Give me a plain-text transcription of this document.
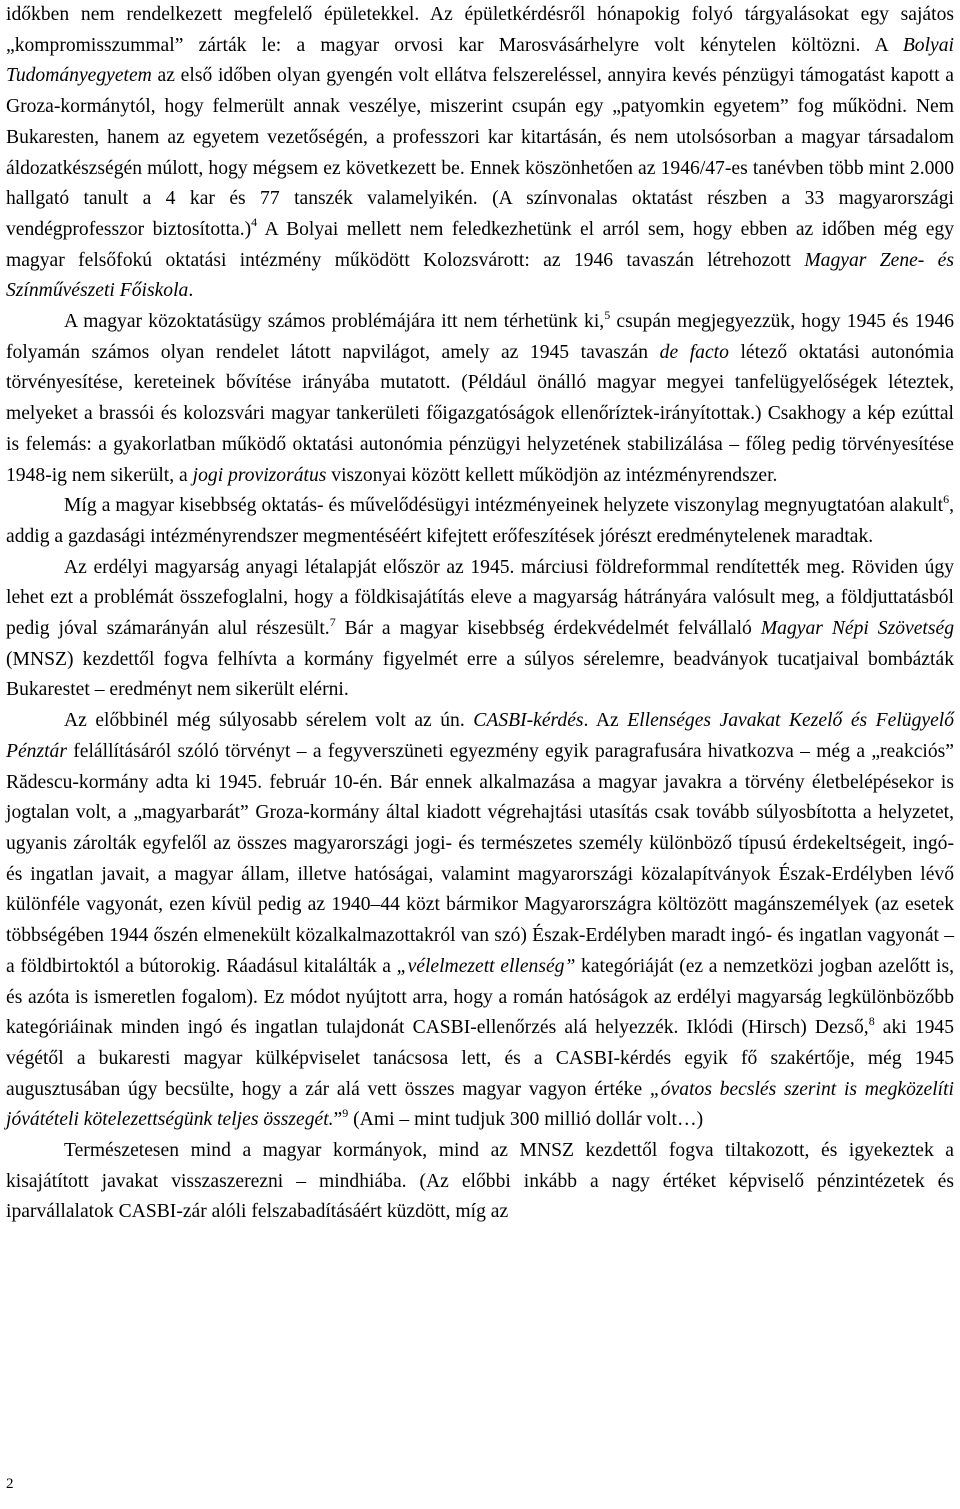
időkben nem rendelkezett megfelelő épületekkel. Az épületkérdésről hónapokig folyó tárgyalásokat egy sajátos „kompromisszummal” zárták le: a magyar orvosi kar Marosvásárhelyre volt kénytelen költözni. A Bolyai Tudományegyetem az első időben olyan gyengén volt ellátva felszereléssel, annyira kevés pénzügyi támogatást kapott a Groza-kormánytól, hogy felmerült annak veszélye, miszerint csupán egy „patyomkin egyetem” fog működni. Nem Bukaresten, hanem az egyetem vezetőségén, a professzori kar kitartásán, és nem utolsósorban a magyar társadalom áldozatkészségén múlott, hogy mégsem ez következett be. Ennek köszönhetően az 1946/47-es tanévben több mint 2.000 hallgató tanult a 4 kar és 77 tanszék valamelyikén. (A színvonalas oktatást részben a 33 magyarországi vendégprofesszor biztosította.)$^4$ A Bolyai mellett nem feledkezhetünk el arról sem, hogy ebben az időben még egy magyar felsőfokú oktatási intézmény működött Kolozsvárott: az 1946 tavaszán létrehozott Magyar Zene- és Színművészeti Főiskola.

A magyar közoktatásügy számos problémájára itt nem térhetünk ki,$^5$ csupán megjegyezzük, hogy 1945 és 1946 folyamán számos olyan rendelet látott napvilágot, amely az 1945 tavaszán de facto létező oktatási autonómia törvényesítése, kereteinek bővítése irányába mutatott. (Például önálló magyar megyei tanfelügyelőségek léteztek, melyeket a brassói és kolozsvári magyar tankerületi főigazgatóságok ellenőríztek-irányítottak.) Csakhogy a kép ezúttal is felemás: a gyakorlatban működő oktatási autonómia pénzügyi helyzetének stabilizálása – főleg pedig törvényesítése 1948-ig nem sikerült, a jogi provizorátus viszonyai között kellett működjön az intézményrendszer.

Míg a magyar kisebbség oktatás- és művelődésügyi intézményeinek helyzete viszonylag megnyugtatóan alakult$^6$, addig a gazdasági intézményrendszer megmentéséért kifejtett erőfeszítések jórészt eredménytelenek maradtak.

Az erdélyi magyarság anyagi létalapját először az 1945. márciusi földreformmal rendítették meg. Röviden úgy lehet ezt a problémát összefoglalni, hogy a földkisajátítás eleve a magyarság hátrányára valósult meg, a földjuttatásból pedig jóval számarányán alul részesült.$^7$ Bár a magyar kisebbség érdekvédelmét felvállaló Magyar Népi Szövetség (MNSZ) kezdettől fogva felhívta a kormány figyelmét erre a súlyos sérelemre, beadványok tucatjaival bombázták Bukarestet – eredményt nem sikerült elérni.

Az előbbinél még súlyosabb sérelem volt az ún. CASBI-kérdés. Az Ellenséges Javakat Kezelő és Felügyelő Pénztár felállításáról szóló törvényt – a fegyverszüneti egyezmény egyik paragrafusára hivatkozva – még a „reakciós” Rădescu-kormány adta ki 1945. február 10-én. Bár ennek alkalmazása a magyar javakra a törvény életbelépésekor is jogtalan volt, a „magyarbarát” Groza-kormány által kiadott végrehajtási utasítás csak tovább súlyosbította a helyzetet, ugyanis zárolták egyfelől az összes magyarországi jogi- és természetes személy különböző típusú érdekeltségeit, ingó- és ingatlan javait, a magyar állam, illetve hatóságai, valamint magyarországi közalapítványok Észak-Erdélyben lévő különféle vagyonát, ezen kívül pedig az 1940–44 közt bármikor Magyarországra költözött magánszemélyek (az esetek többségében 1944 őszén elmenekült közalkalmazottakról van szó) Észak-Erdélyben maradt ingó- és ingatlan vagyonát – a földbirtoktól a bútorokig. Ráadásul kitalálták a „vélelmezett ellenség” kategóriáját (ez a nemzetközi jogban azelőtt is, és azóta is ismeretlen fogalom). Ez módot nyújtott arra, hogy a román hatóságok az erdélyi magyarság legkülönbözőbb kategóriáinak minden ingó és ingatlan tulajdonát CASBI-ellenőrzés alá helyezzék. Iklódi (Hirsch) Dezső,$^8$ aki 1945 végétől a bukaresti magyar külképviselet tanácsosa lett, és a CASBI-kérdés egyik fő szakértője, még 1945 augusztusában úgy becsülte, hogy a zár alá vett összes magyar vagyon értéke „óvatos becslés szerint is megközelíti jóvátételi kötelezettségünk teljes összegét.”$^9$ (Ami – mint tudjuk 300 millió dollár volt…)

Természetesen mind a magyar kormányok, mind az MNSZ kezdettől fogva tiltakozott, és igyekeztek a kisajátított javakat visszaszerezni – mindhiába. (Az előbbi inkább a nagy értéket képviselő pénzintézetek és iparvállalatok CASBI-zár alóli felszabadításáért küzdött, míg az

2
